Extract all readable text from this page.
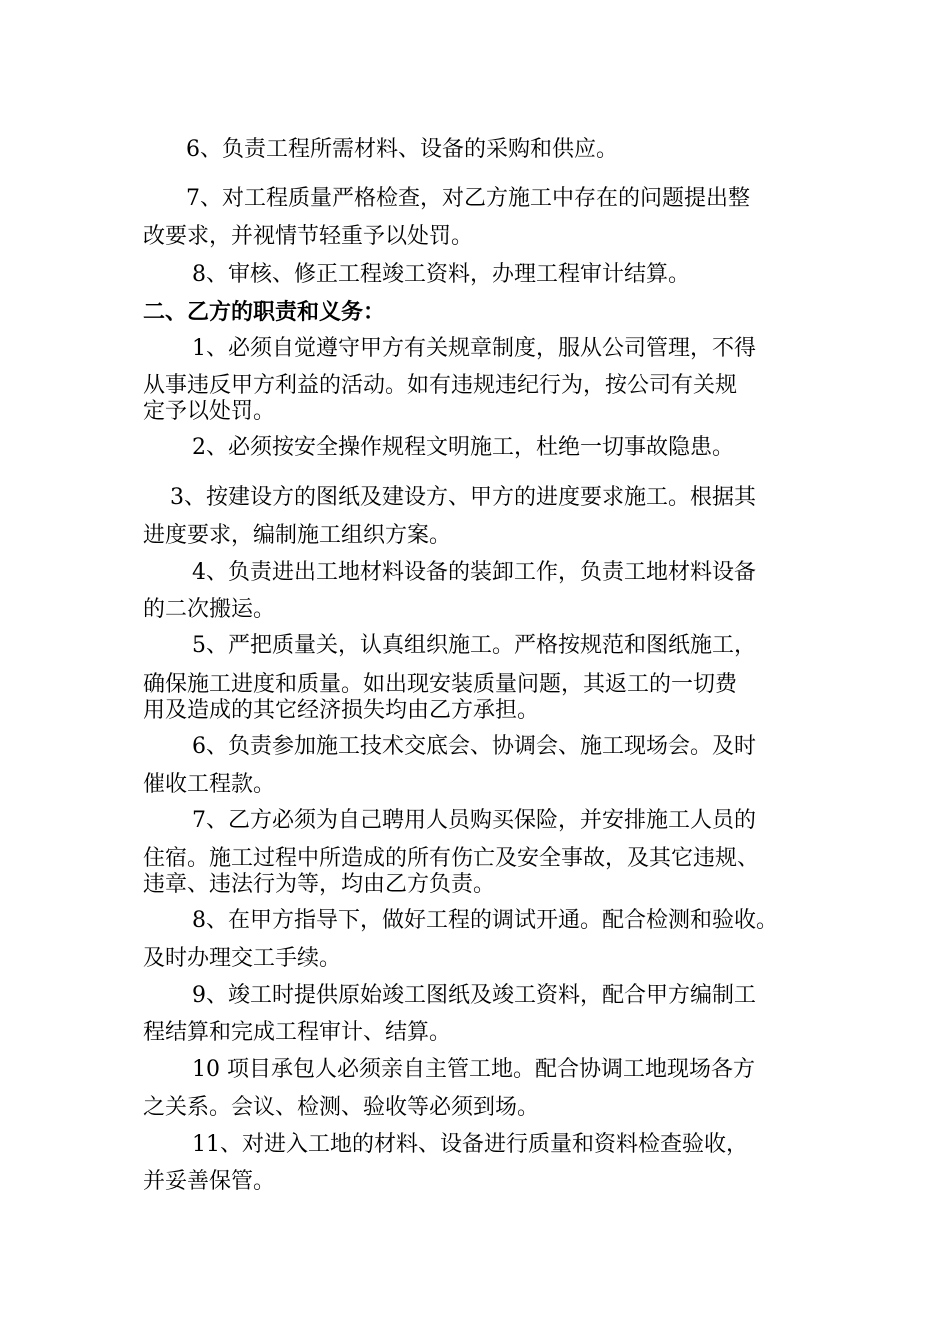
6、负责工程所需材料、设备的采购和供应。
7、对工程质量严格检查，对乙方施工中存在的问题提出整
改要求，并视情节轻重予以处罚。
8、审核、修正工程竣工资料，办理工程审计结算。
二、乙方的职责和义务：
1、必须自觉遵守甲方有关规章制度，服从公司管理，不得
从事违反甲方利益的活动。如有违规违纪行为，按公司有关规
定予以处罚。
2、必须按安全操作规程文明施工，杜绝一切事故隐患。
3、按建设方的图纸及建设方、甲方的进度要求施工。根据其
进度要求，编制施工组织方案。
4、负责进出工地材料设备的装卸工作，负责工地材料设备
的二次搬运。
5、严把质量关，认真组织施工。严格按规范和图纸施工，
确保施工进度和质量。如出现安装质量问题，其返工的一切费
用及造成的其它经济损失均由乙方承担。
6、负责参加施工技术交底会、协调会、施工现场会。及时
催收工程款。
7、乙方必须为自己聘用人员购买保险，并安排施工人员的
住宿。施工过程中所造成的所有伤亡及安全事故，及其它违规、
违章、违法行为等，均由乙方负责。
8、在甲方指导下，做好工程的调试开通。配合检测和验收。
及时办理交工手续。
9、竣工时提供原始竣工图纸及竣工资料，配合甲方编制工
程结算和完成工程审计、结算。
10 项目承包人必须亲自主管工地。配合协调工地现场各方
之关系。会议、检测、验收等必须到场。
11、对进入工地的材料、设备进行质量和资料检查验收，
并妥善保管。
